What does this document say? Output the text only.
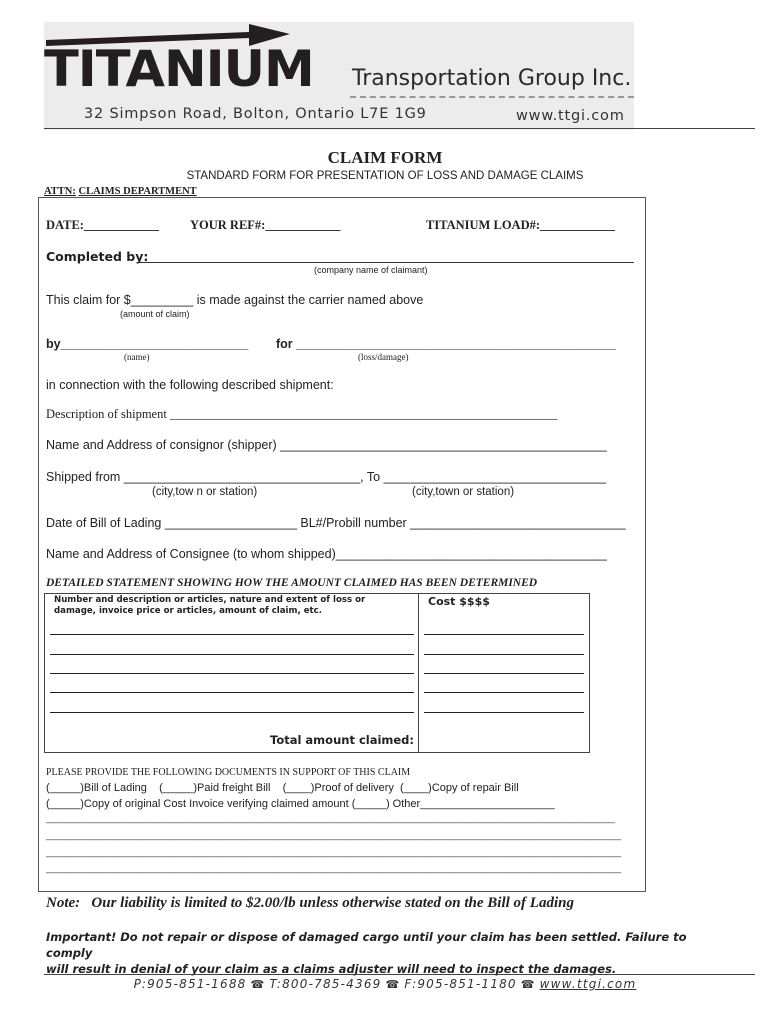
TITANIUM Transportation Group Inc.
32 Simpson Road, Bolton, Ontario L7E 1G9	www.ttgi.com
CLAIM FORM
STANDARD FORM FOR PRESENTATION OF LOSS AND DAMAGE CLAIMS
ATTN: CLAIMS DEPARTMENT
DATE:____________ YOUR REF#:____________	TITANIUM LOAD#:____________
Completed by:
(company name of claimant)
This claim for $_________ is made against the carrier named above
(amount of claim)
by___________________________
(name)
for ______________________________________________
(loss/damage)
in connection with the following described shipment:
Description of shipment ______________________________________________________________
Name and Address of consignor (shipper) _______________________________________________
Shipped from __________________________________, To ________________________________
(city,tow n or station)	(city,town or station)
Date of Bill of Lading ___________________ BL#/Probill number _______________________________
Name and Address of Consignee (to whom shipped)_______________________________________
DETAILED STATEMENT SHOWING HOW THE AMOUNT CLAIMED HAS BEEN DETERMINED
Number and description or articles, nature and extent of loss or
damage, invoice price or articles, amount of claim, etc.
Cost $$$$
Total amount claimed:
PLEASE PROVIDE THE FOLLOWING DOCUMENTS IN SUPPORT OF THIS CLAIM
(_____)Bill of Lading    (_____)Paid freight Bill    (____)Proof of delivery  (____)Copy of repair Bill
(_____)Copy of original Cost Invoice verifying claimed amount (_____) Other______________________
_____________________________________________________________________________________________
______________________________________________________________________________________________
______________________________________________________________________________________________
______________________________________________________________________________________________
Note:   Our liability is limited to $2.00/lb unless otherwise stated on the Bill of Lading
Important! Do not repair or dispose of damaged cargo until your claim has been settled. Failure to comply
will result in denial of your claim as a claims adjuster will need to inspect the damages.
P:905-851-1688 ☎ T:800-785-4369 ☎ F:905-851-1180 ☎ www.ttgi.com
